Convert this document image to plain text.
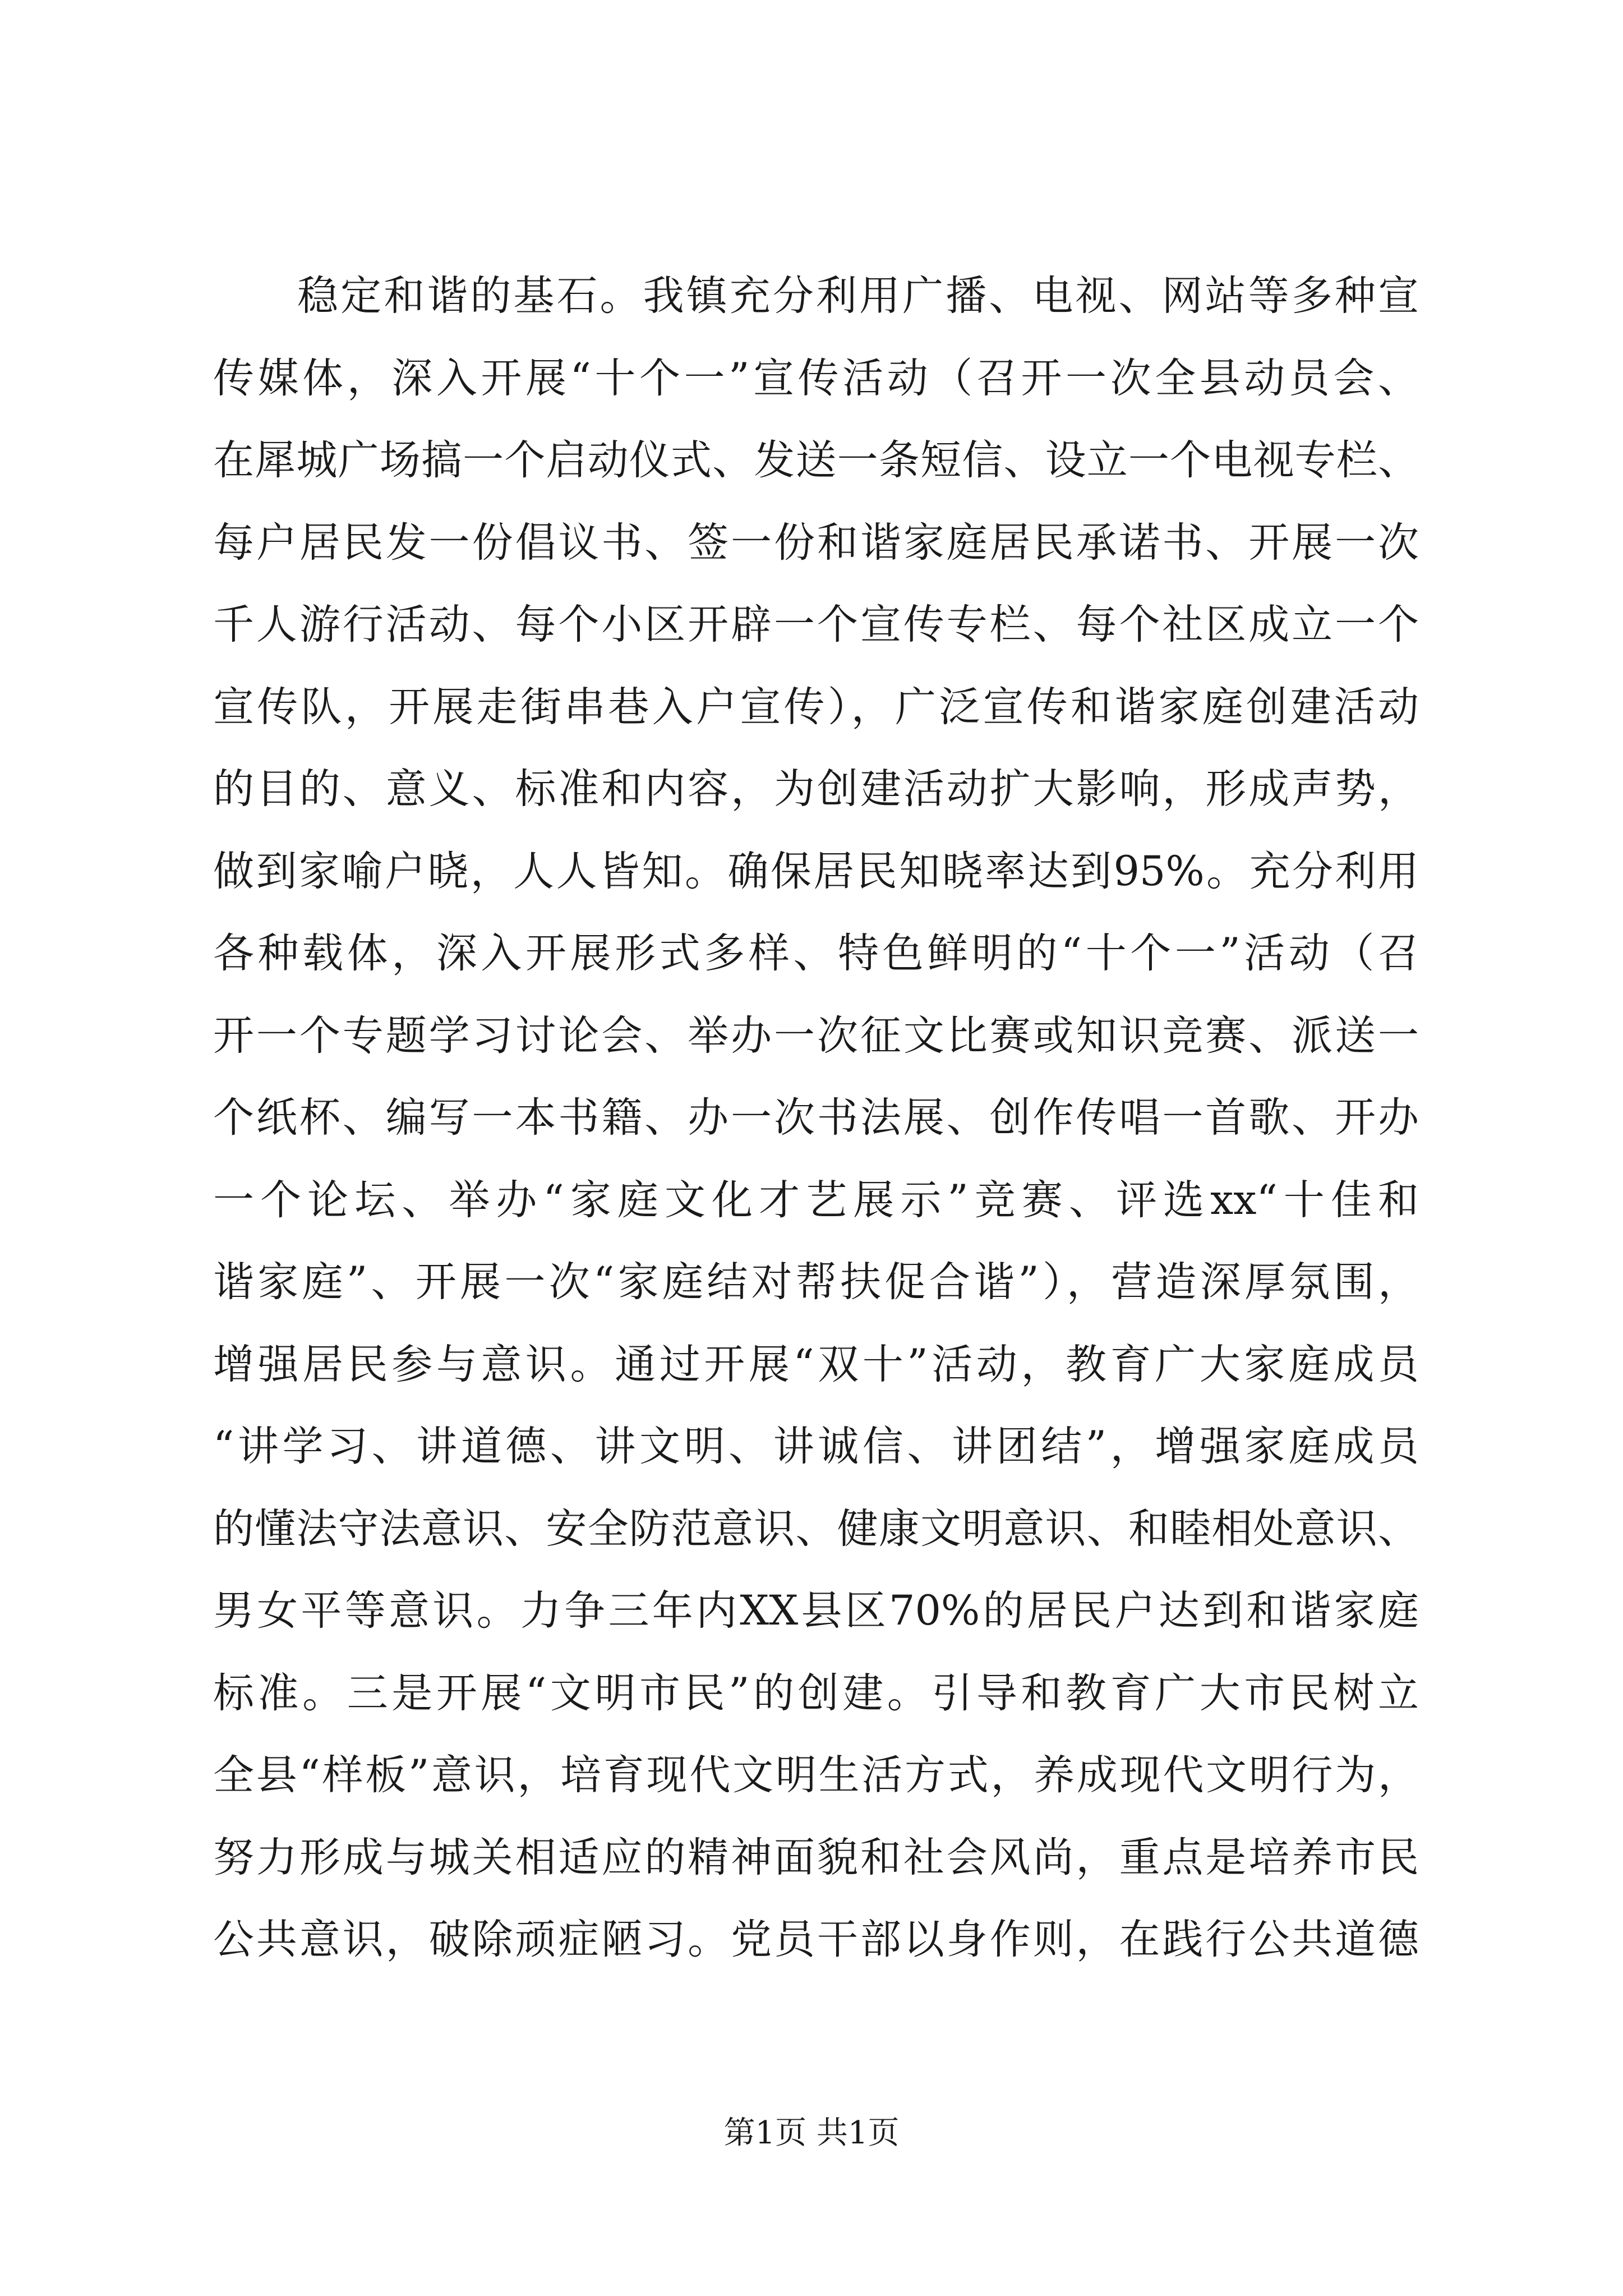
稳定和谐的基石。我镇充分利用广播、电视、网站等多种宣
传媒体，深入开展“十个一”宣传活动（召开一次全县动员会、
在犀城广场搞一个启动仪式、发送一条短信、设立一个电视专栏、
每户居民发一份倡议书、签一份和谐家庭居民承诺书、开展一次
千人游行活动、每个小区开辟一个宣传专栏、每个社区成立一个
宣传队，开展走街串巷入户宣传），广泛宣传和谐家庭创建活动
的目的、意义、标准和内容，为创建活动扩大影响，形成声势，
做到家喻户晓，人人皆知。确保居民知晓率达到95%。充分利用
各种载体，深入开展形式多样、特色鲜明的“十个一”活动（召
开一个专题学习讨论会、举办一次征文比赛或知识竞赛、派送一
个纸杯、编写一本书籍、办一次书法展、创作传唱一首歌、开办
一个论坛、举办“家庭文化才艺展示”竞赛、评选xx“十佳和
谐家庭”、开展一次“家庭结对帮扶促合谐”），营造深厚氛围，
增强居民参与意识。通过开展“双十”活动，教育广大家庭成员
“讲学习、讲道德、讲文明、讲诚信、讲团结”，增强家庭成员
的懂法守法意识、安全防范意识、健康文明意识、和睦相处意识、
男女平等意识。力争三年内XX县区70%的居民户达到和谐家庭
标准。三是开展“文明市民”的创建。引导和教育广大市民树立
全县“样板”意识，培育现代文明生活方式，养成现代文明行为，
努力形成与城关相适应的精神面貌和社会风尚，重点是培养市民
公共意识，破除顽症陋习。党员干部以身作则，在践行公共道德
第1页 共1页
